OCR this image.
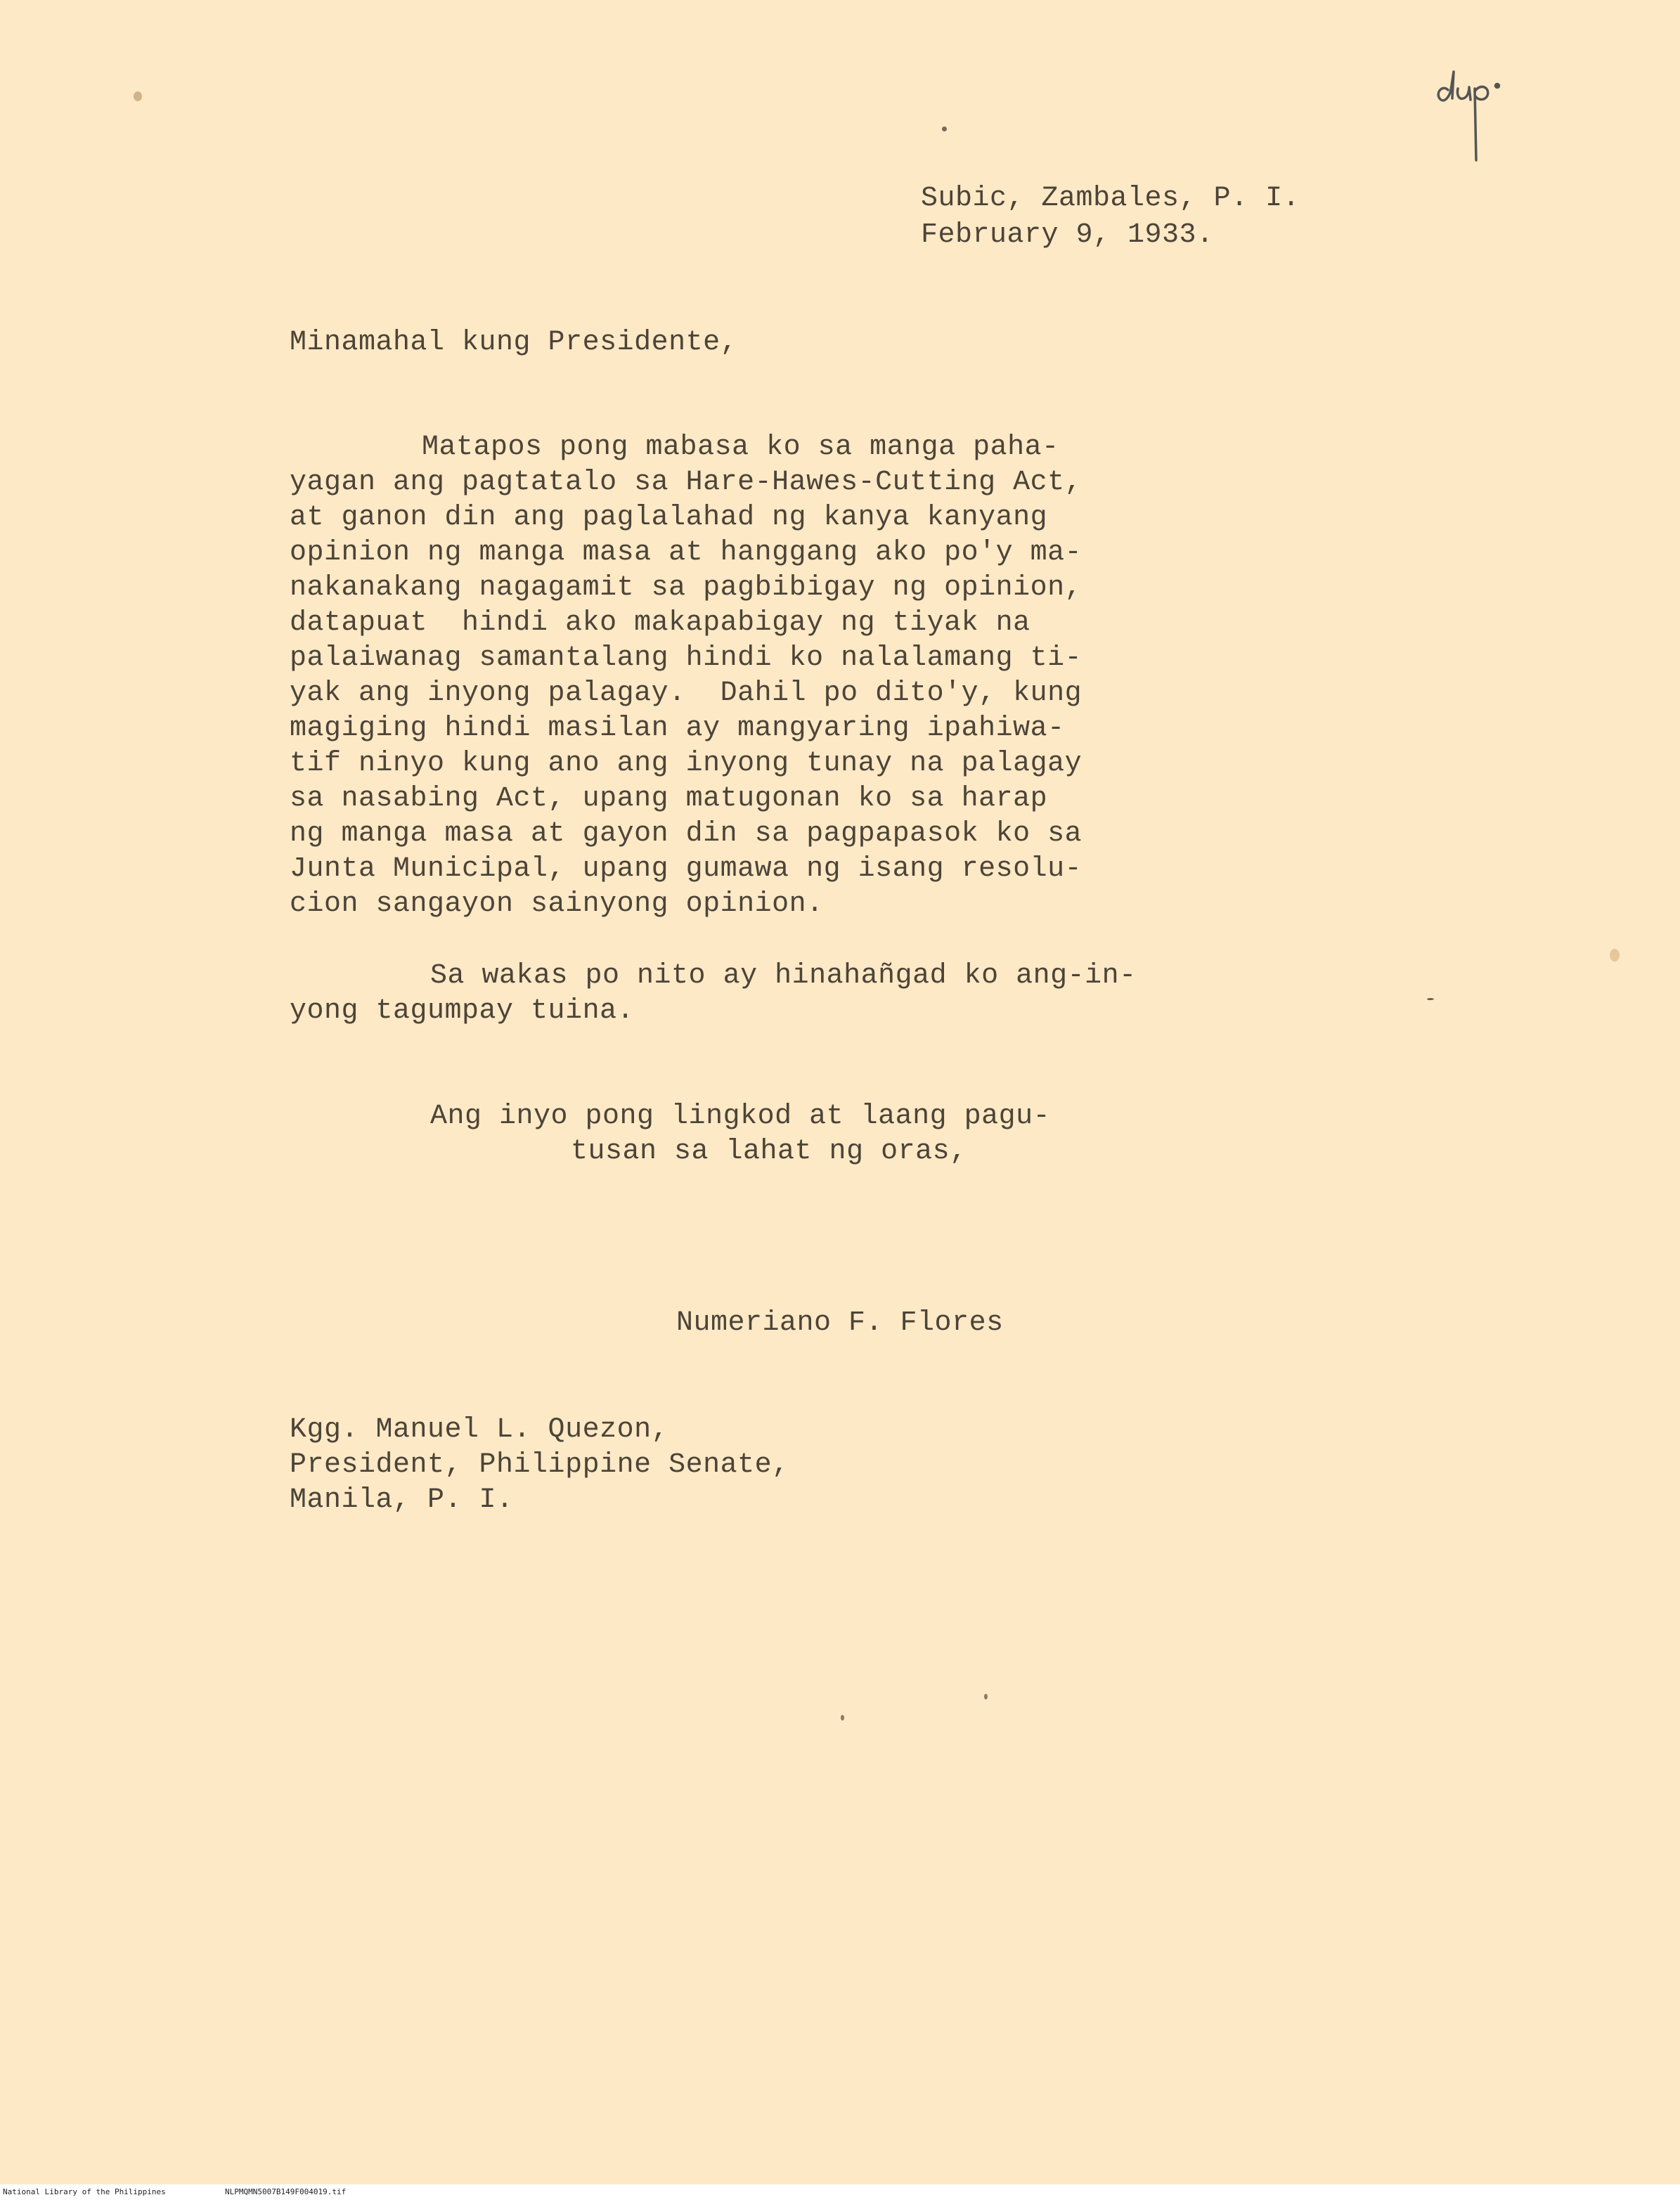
Subic, Zambales, P. I.
February 9, 1933.
Minamahal kung Presidente,
Matapos pong mabasa ko sa manga paha-
yagan ang pagtatalo sa Hare-Hawes-Cutting Act,
at ganon din ang paglalahad ng kanya kanyang
opinion ng manga masa at hanggang ako po'y ma-
nakanakang nagagamit sa pagbibigay ng opinion,
datapuat  hindi ako makapabigay ng tiyak na
palaiwanag samantalang hindi ko nalalamang ti-
yak ang inyong palagay.  Dahil po dito'y, kung
magiging hindi masilan ay mangyaring ipahiwa-
tif ninyo kung ano ang inyong tunay na palagay
sa nasabing Act, upang matugonan ko sa harap
ng manga masa at gayon din sa pagpapasok ko sa
Junta Municipal, upang gumawa ng isang resolu-
cion sangayon sainyong opinion.
Sa wakas po nito ay hinahañgad ko ang-in-
yong tagumpay tuina.
Ang inyo pong lingkod at laang pagu-
tusan sa lahat ng oras,
Numeriano F. Flores
Kgg. Manuel L. Quezon,
President, Philippine Senate,
Manila, P. I.
National Library of the Philippines	NLPMQMN5007B149F004019.tif
